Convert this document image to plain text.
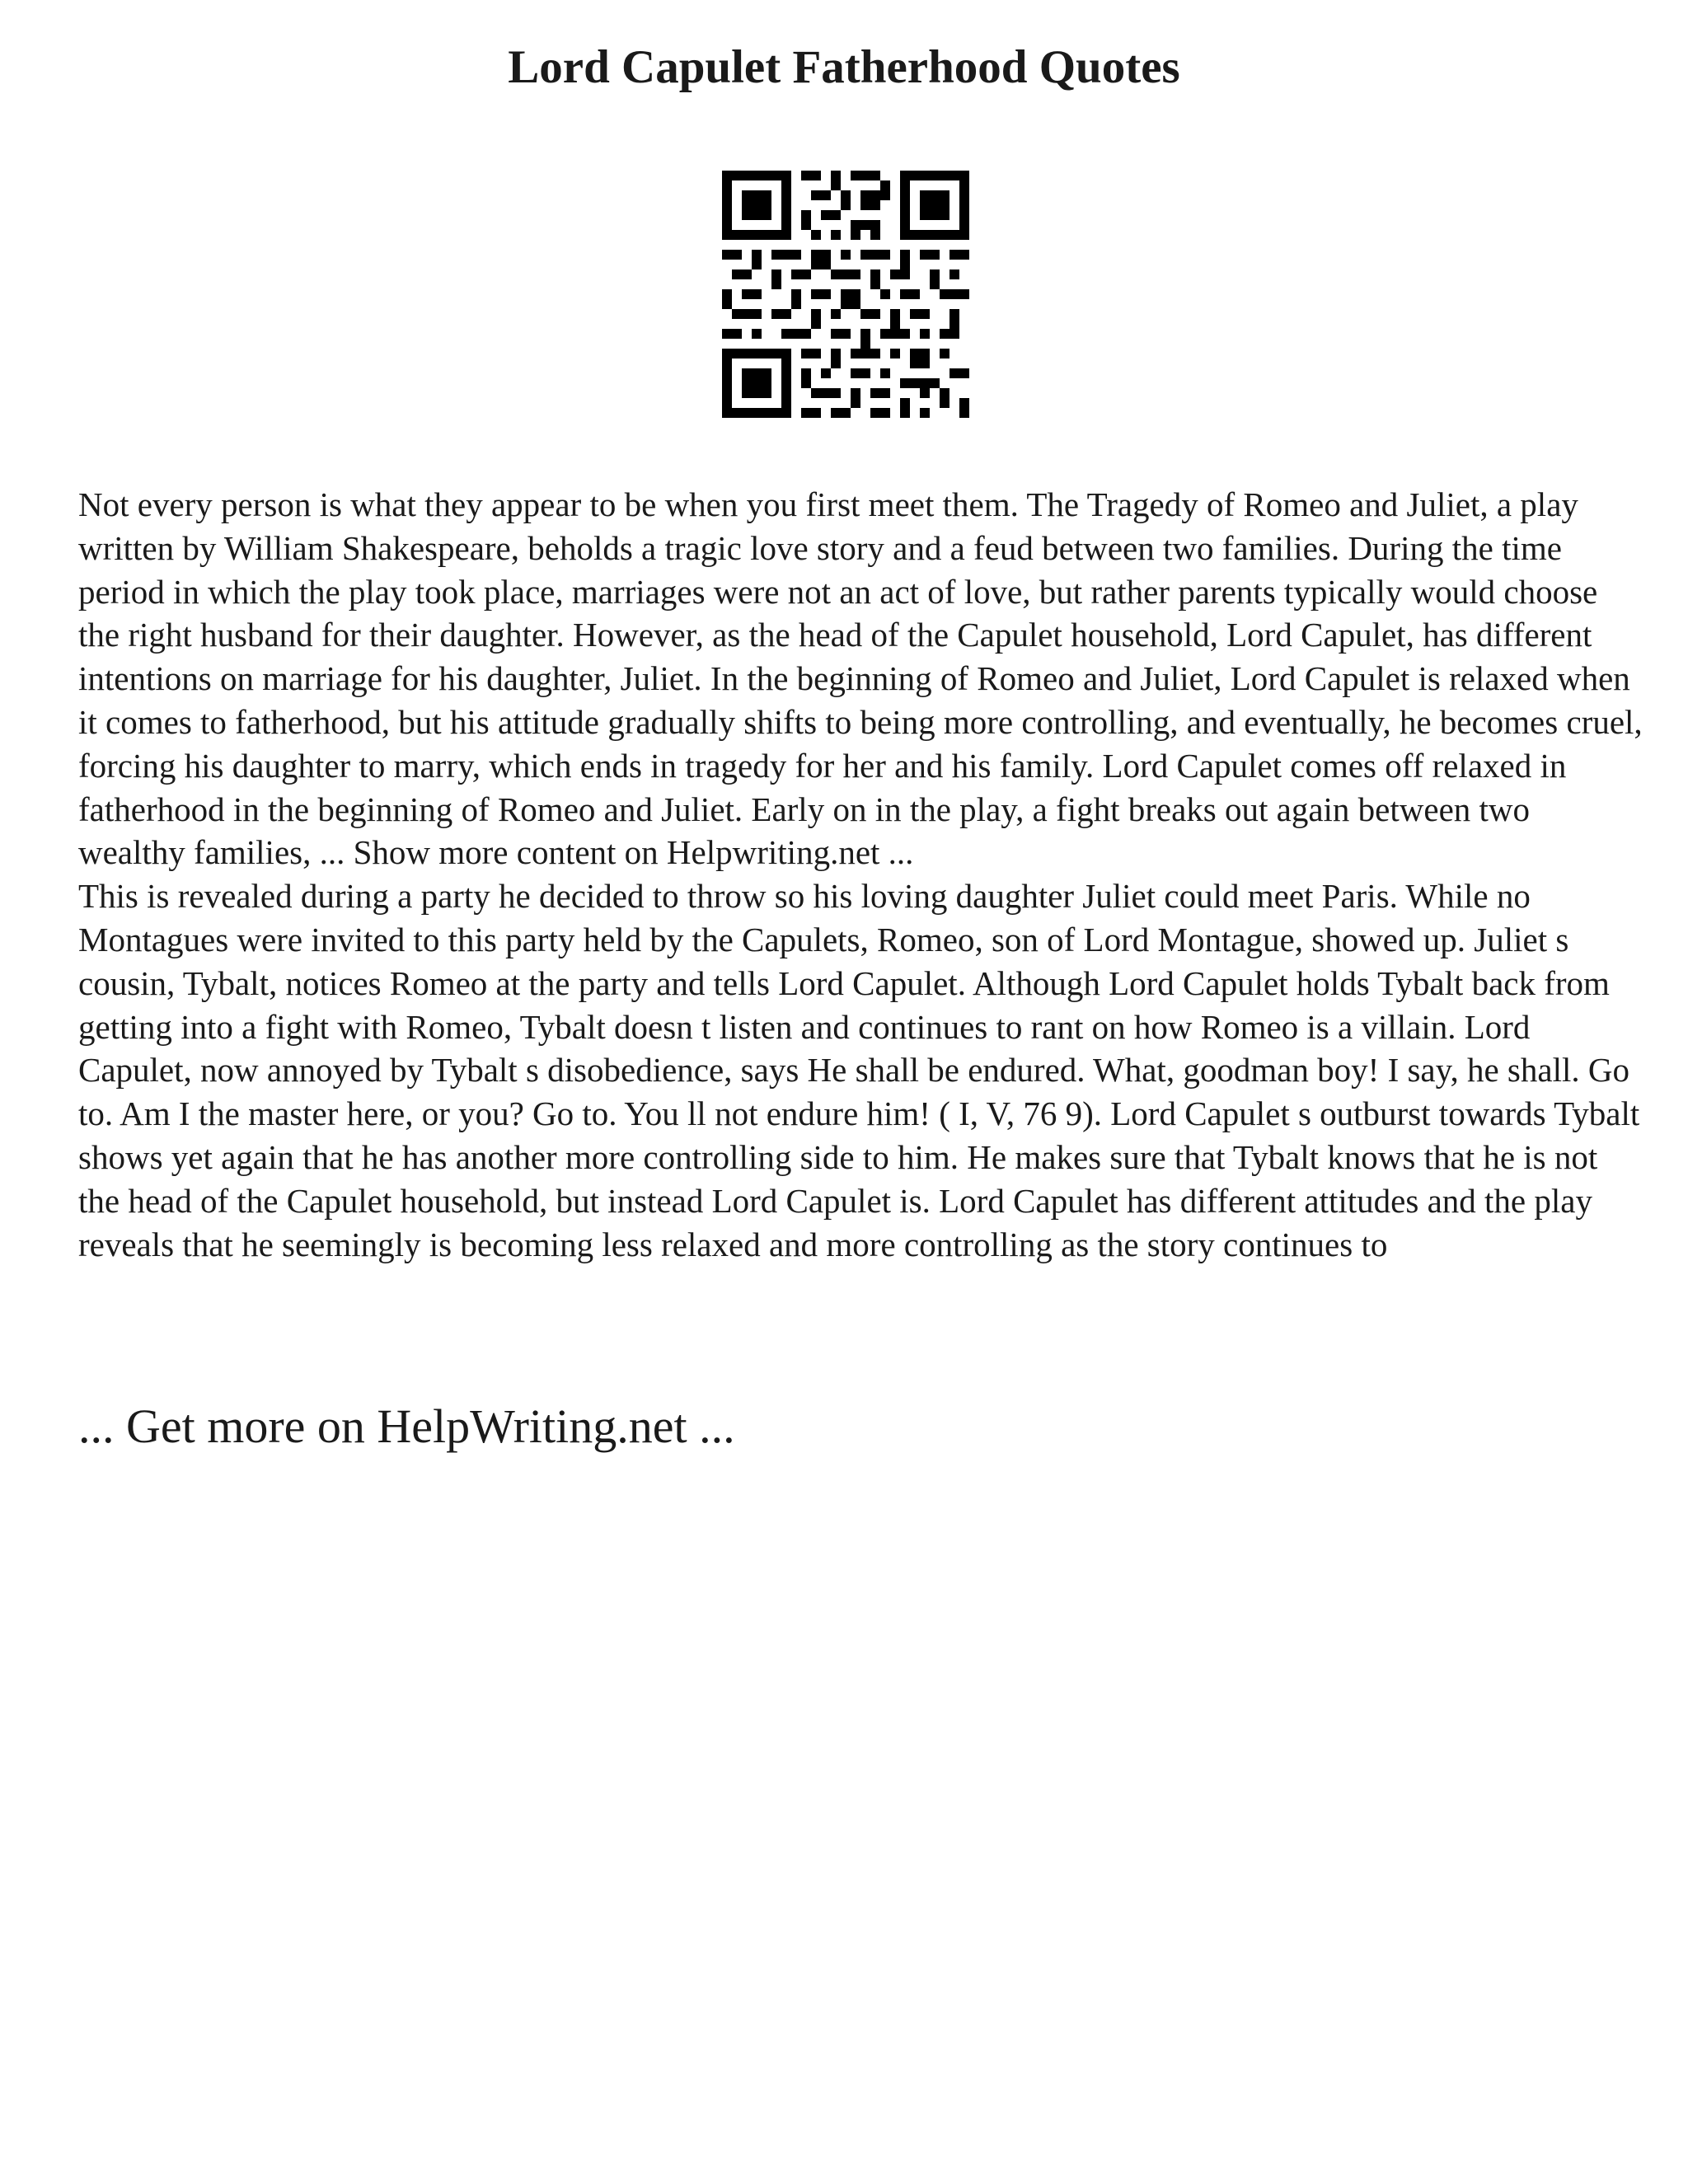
Lord Capulet Fatherhood Quotes

Not every person is what they appear to be when you first meet them. The Tragedy of Romeo and Juliet, a play written by William Shakespeare, beholds a tragic love story and a feud between two families. During the time period in which the play took place, marriages were not an act of love, but rather parents typically would choose the right husband for their daughter. However, as the head of the Capulet household, Lord Capulet, has different intentions on marriage for his daughter, Juliet. In the beginning of Romeo and Juliet, Lord Capulet is relaxed when it comes to fatherhood, but his attitude gradually shifts to being more controlling, and eventually, he becomes cruel, forcing his daughter to marry, which ends in tragedy for her and his family. Lord Capulet comes off relaxed in fatherhood in the beginning of Romeo and Juliet. Early on in the play, a fight breaks out again between two wealthy families, ... Show more content on Helpwriting.net ...

This is revealed during a party he decided to throw so his loving daughter Juliet could meet Paris. While no Montagues were invited to this party held by the Capulets, Romeo, son of Lord Montague, showed up. Juliet s cousin, Tybalt, notices Romeo at the party and tells Lord Capulet. Although Lord Capulet holds Tybalt back from getting into a fight with Romeo, Tybalt doesn t listen and continues to rant on how Romeo is a villain. Lord Capulet, now annoyed by Tybalt s disobedience, says He shall be endured. What, goodman boy! I say, he shall. Go to. Am I the master here, or you? Go to. You ll not endure him! ( I, V, 76 9). Lord Capulet s outburst towards Tybalt shows yet again that he has another more controlling side to him. He makes sure that Tybalt knows that he is not the head of the Capulet household, but instead Lord Capulet is. Lord Capulet has different attitudes and the play reveals that he seemingly is becoming less relaxed and more controlling as the story continues to

... Get more on HelpWriting.net ...
